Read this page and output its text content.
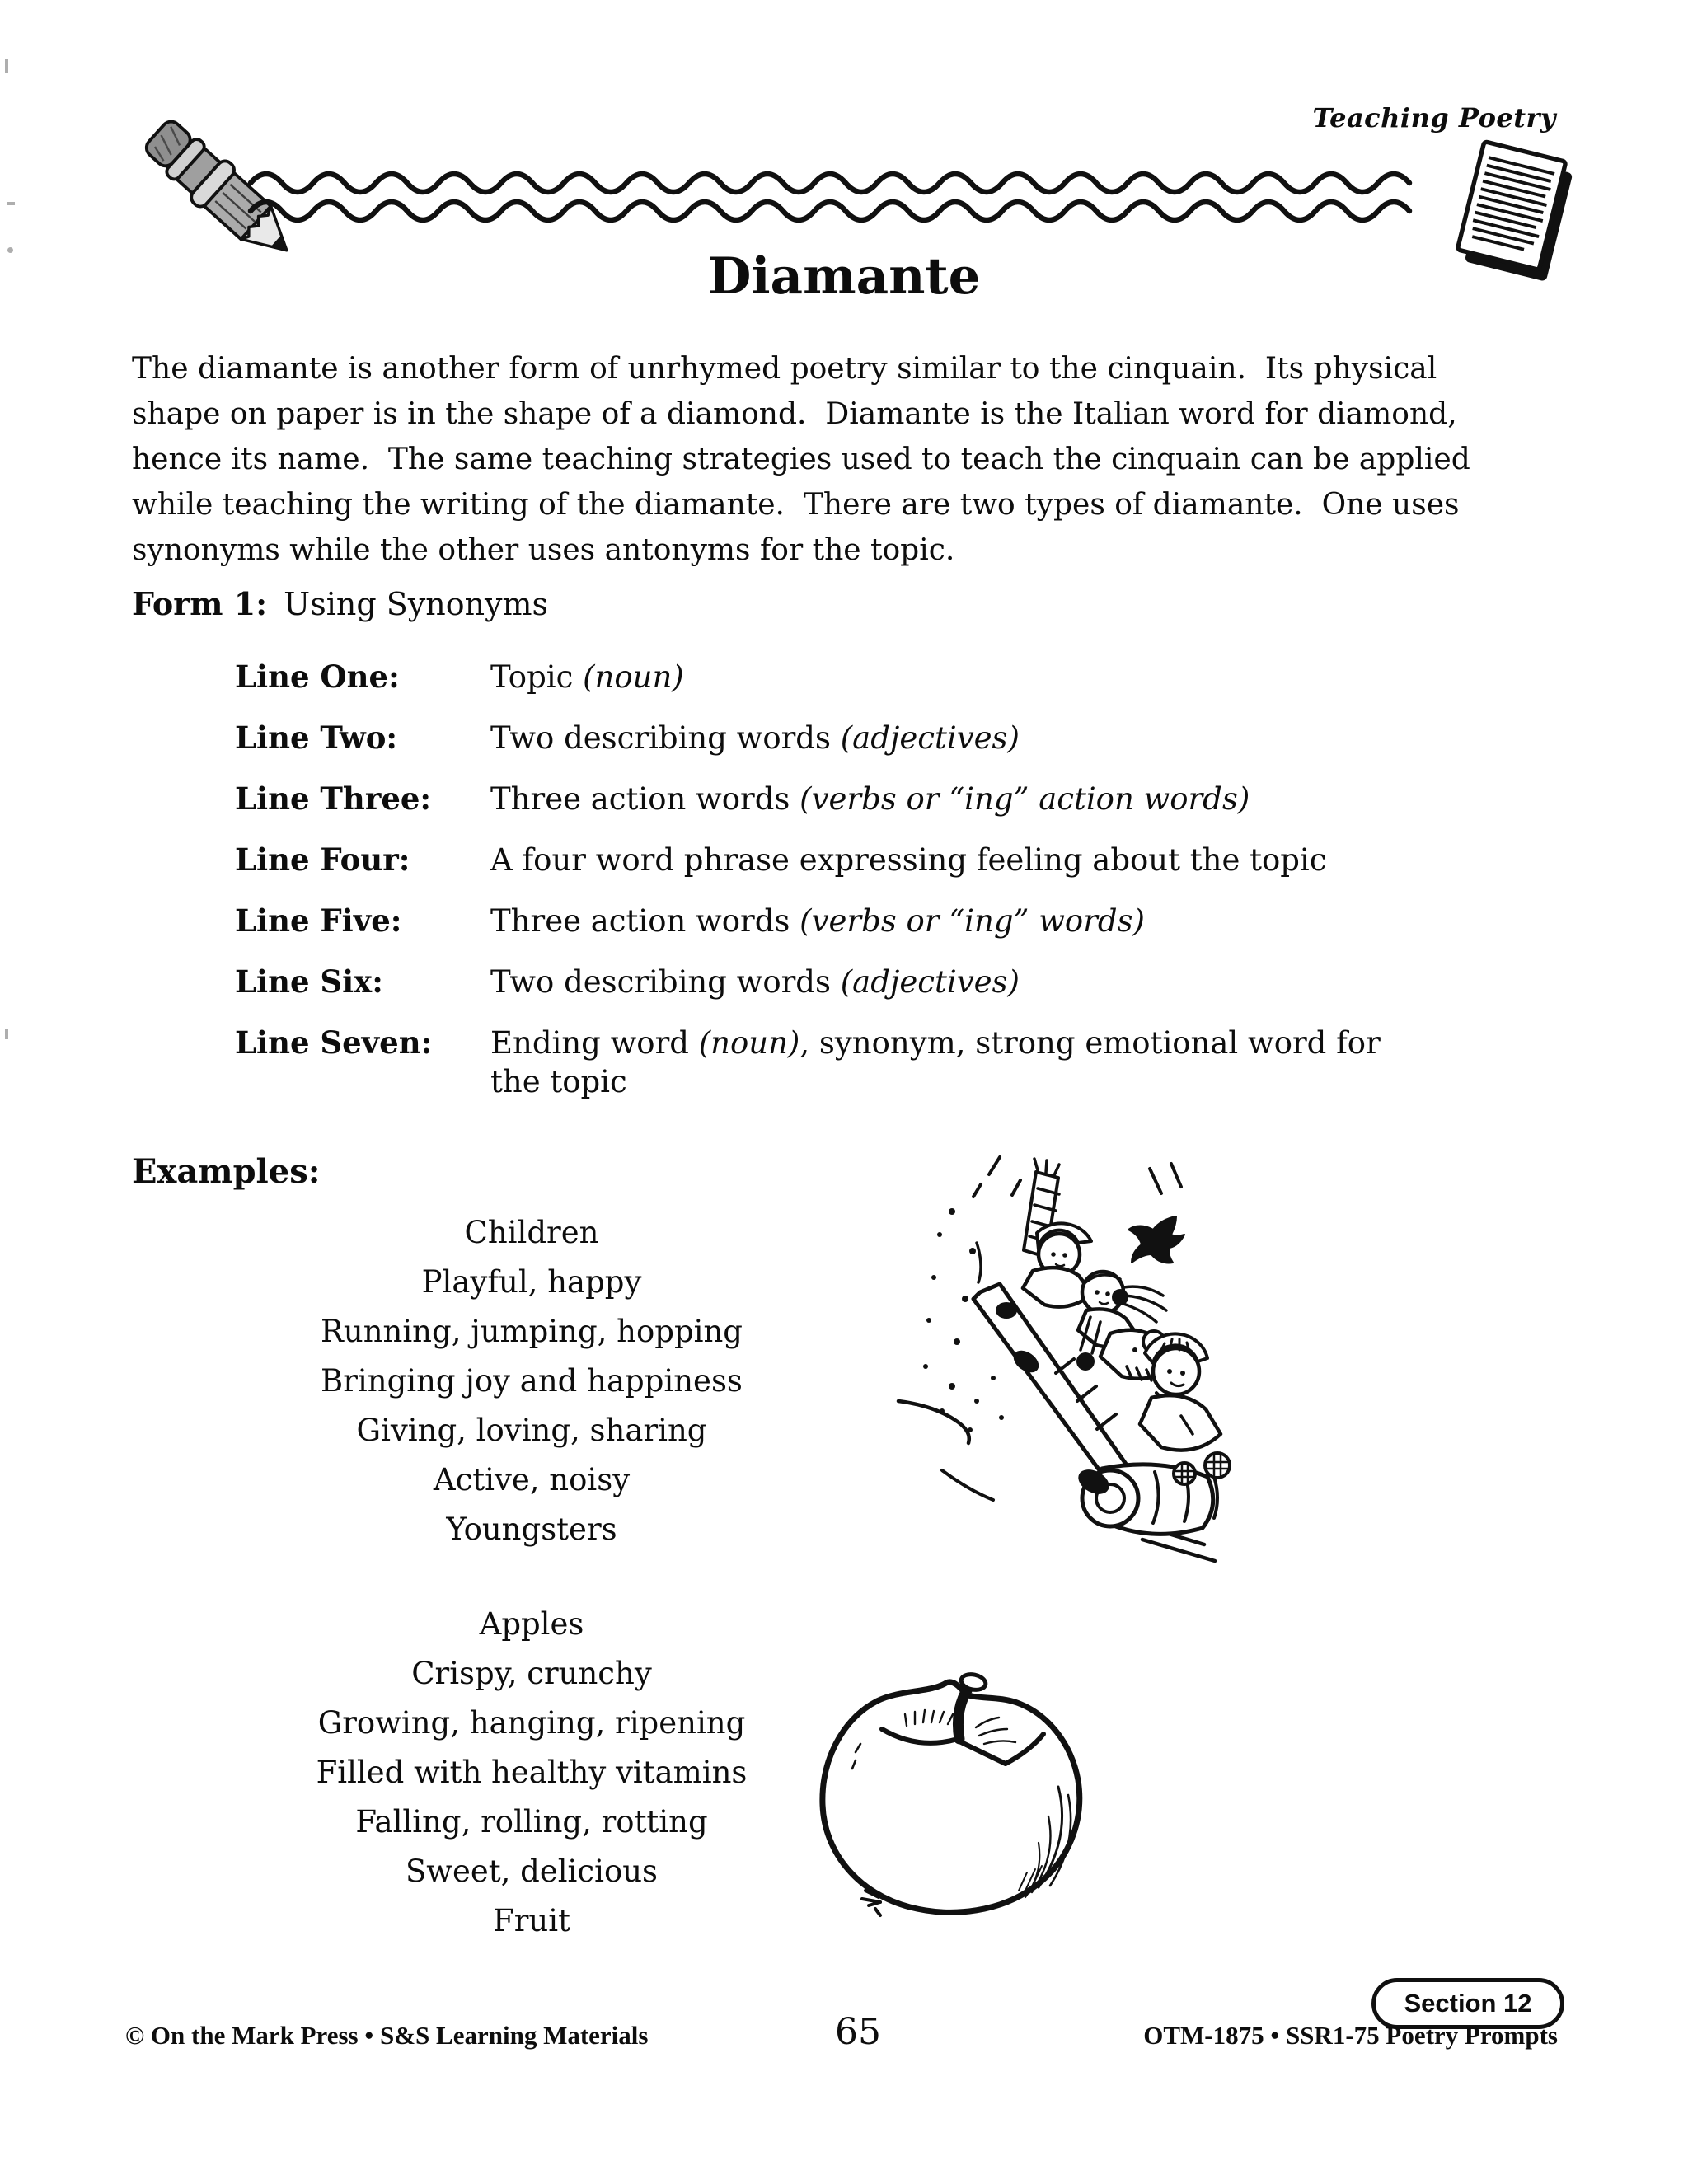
Teaching Poetry
Diamante
The diamante is another form of unrhymed poetry similar to the cinquain.  Its physical shape on paper is in the shape of a diamond.  Diamante is the Italian word for diamond, hence its name.  The same teaching strategies used to teach the cinquain can be applied while teaching the writing of the diamante.  There are two types of diamante.  One uses synonyms while the other uses antonyms for the topic.
Form 1: Using Synonyms
Line One:	Topic (noun)
Line Two:	Two describing words (adjectives)
Line Three:	Three action words (verbs or “ing” action words)
Line Four:	A four word phrase expressing feeling about the topic
Line Five:	Three action words (verbs or “ing” words)
Line Six:	Two describing words (adjectives)
Line Seven:	Ending word (noun), synonym, strong emotional word for the topic
Examples:
Children
Playful, happy
Running, jumping, hopping
Bringing joy and happiness
Giving, loving, sharing
Active, noisy
Youngsters
Apples
Crispy, crunchy
Growing, hanging, ripening
Filled with healthy vitamins
Falling, rolling, rotting
Sweet, delicious
Fruit
Section 12
© On the Mark Press • S&S Learning Materials	65	OTM-1875 • SSR1-75 Poetry Prompts
